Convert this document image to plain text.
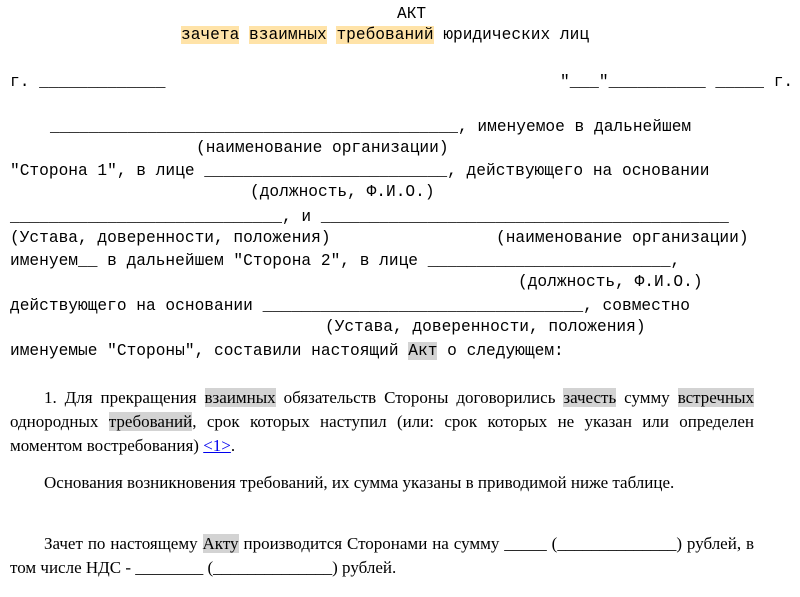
АКТ
зачета взаимных требований юридических лиц
г. _____________	"___"__________ _____ г.
__________________________________________, именуемое в дальнейшем
(наименование организации)
"Сторона 1", в лице _________________________, действующего на основании
(должность, Ф.И.О.)
____________________________, и __________________________________________
(Устава, доверенности, положения)	(наименование организации)
именуем__ в дальнейшем "Сторона 2", в лице _________________________,
(должность, Ф.И.О.)
действующего на основании _________________________________, совместно
(Устава, доверенности, положения)
именуемые "Стороны", составили настоящий Акт о следующем:

1. Для прекращения взаимных обязательств Стороны договорились зачесть сумму встречных однородных требований, срок которых наступил (или: срок которых не указан или определен моментом востребования) <1>.

Основания возникновения требований, их сумма указаны в приводимой ниже таблице.

Зачет по настоящему Акту производится Сторонами на сумму _____ (______________) рублей, в том числе НДС - ________ (______________) рублей.
